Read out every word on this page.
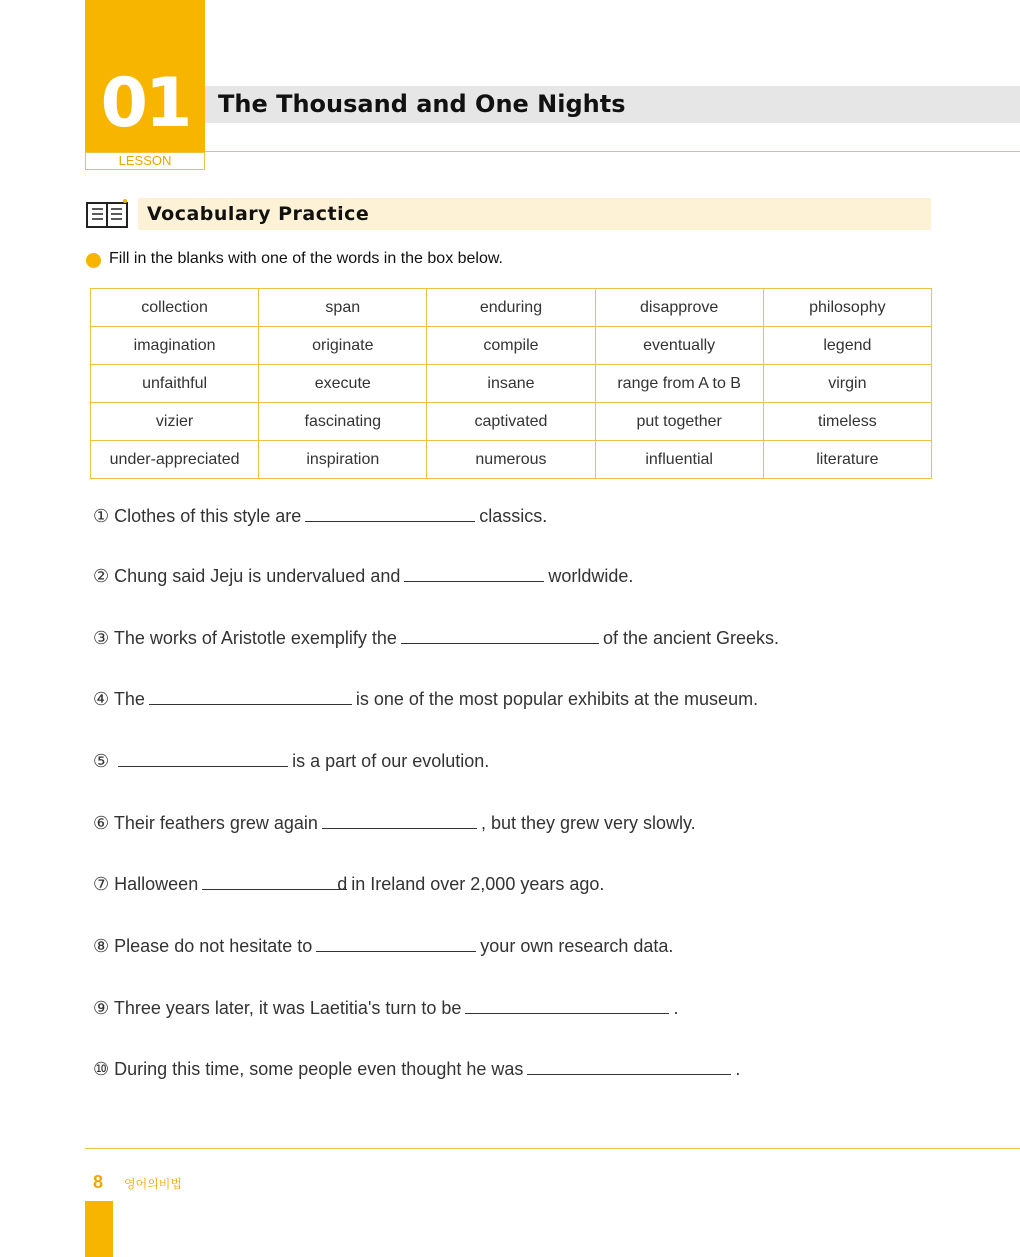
01
LESSON
The Thousand and One Nights
Vocabulary Practice
Fill in the blanks with one of the words in the box below.
collection	span	enduring	disapprove	philosophy
imagination	originate	compile	eventually	legend
unfaithful	execute	insane	range from A to B	virgin
vizier	fascinating	captivated	put together	timeless
under-appreciated	inspiration	numerous	influential	literature
① Clothes of this style are	classics.
② Chung said Jeju is undervalued and	worldwide.
③ The works of Aristotle exemplify the	of the ancient Greeks.
④ The	is one of the most popular exhibits at the museum.
⑤	is a part of our evolution.
⑥ Their feathers grew again	, but they grew very slowly.
⑦ Halloween	d in Ireland over 2,000 years ago.
⑧ Please do not hesitate to	your own research data.
⑨ Three years later, it was Laetitia's turn to be	.
⑩ During this time, some people even thought he was	.
8 영어의비법
